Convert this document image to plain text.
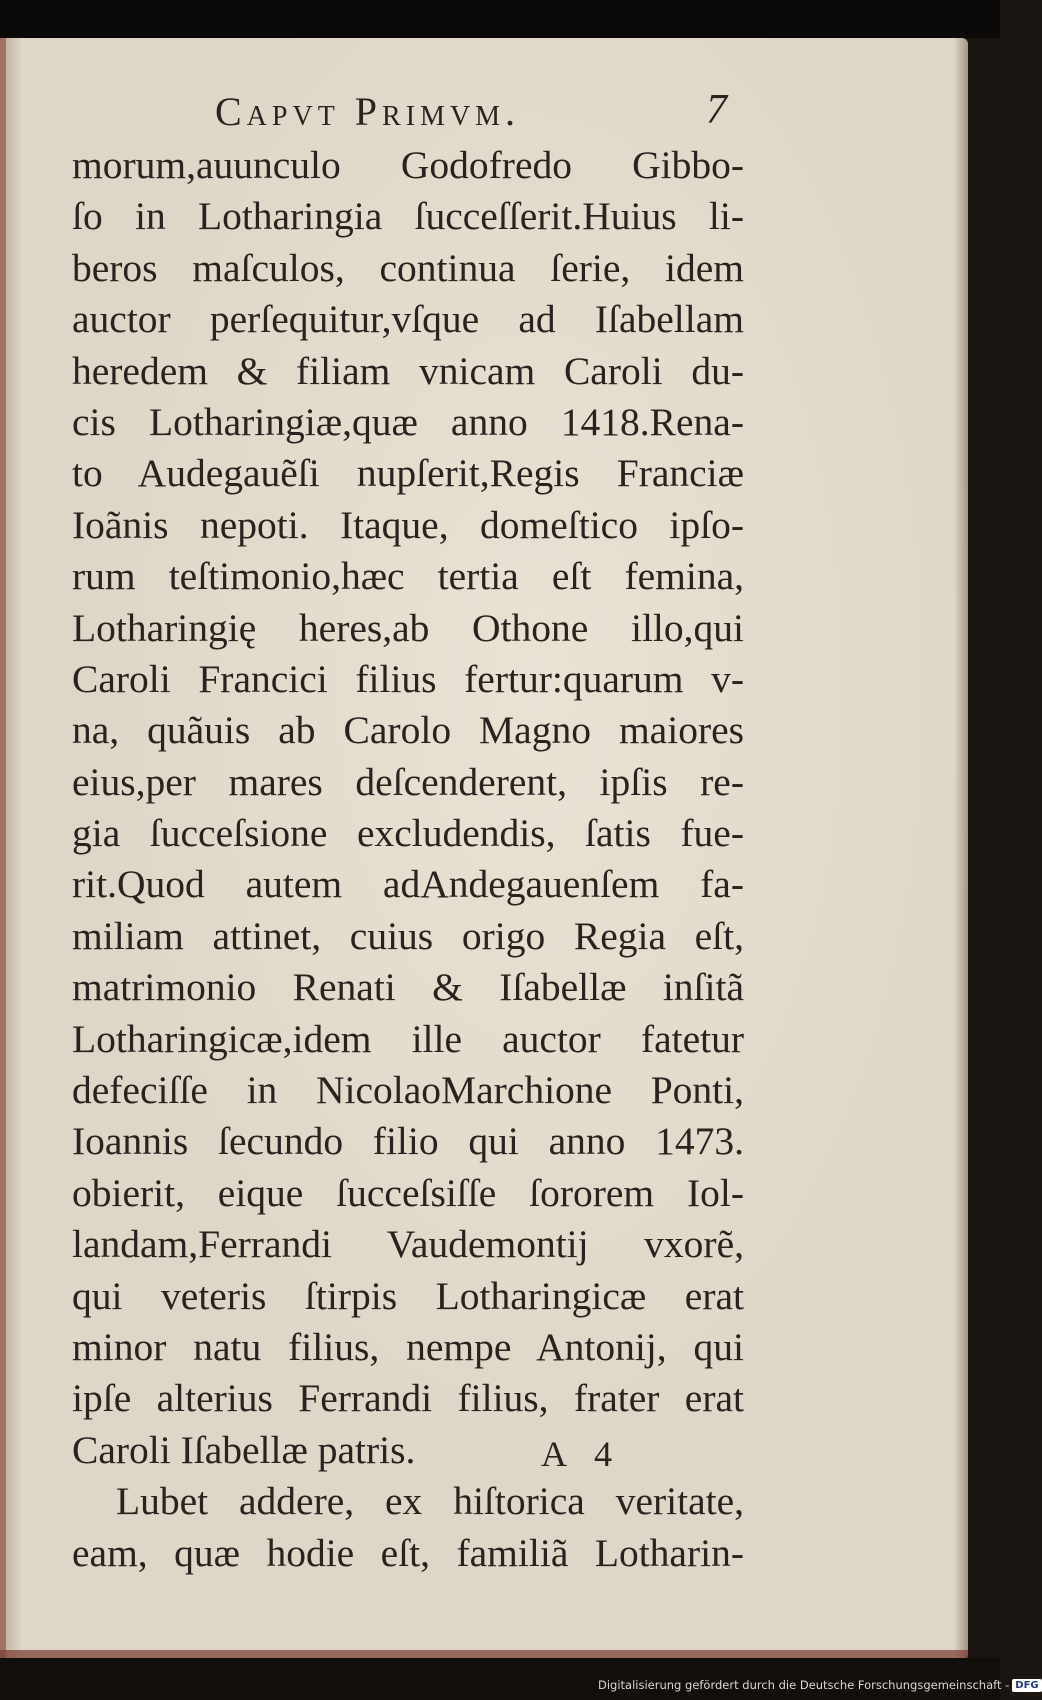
Capvt Primvm.	7
morum,auunculo Godofredo Gibbo-
ſo in Lotharingia ſucceſſerit.Huius li-
beros maſculos, continua ſerie, idem
auctor perſequitur,vſque ad Iſabellam
heredem & filiam vnicam Caroli du-
cis Lotharingiæ,quæ anno 1418.Rena-
to Audegauẽſi nupſerit,Regis Franciæ
Ioãnis nepoti. Itaque, domeſtico ipſo-
rum teſtimonio,hæc tertia eſt femina,
Lotharingię heres,ab Othone illo,qui
Caroli Francici filius fertur:quarum v-
na, quãuis ab Carolo Magno maiores
eius,per mares deſcenderent, ipſis re-
gia ſucceſsione excludendis, ſatis fue-
rit.Quod autem adAndegauenſem fa-
miliam attinet, cuius origo Regia eſt,
matrimonio Renati & Iſabellæ inſitã
Lotharingicæ,idem ille auctor fatetur
defeciſſe in NicolaoMarchione Ponti,
Ioannis ſecundo filio qui anno 1473.
obierit, eique ſucceſsiſſe ſororem Iol-
landam,Ferrandi Vaudemontij vxorẽ,
qui veteris ſtirpis Lotharingicæ erat
minor natu filius, nempe Antonij, qui
ipſe alterius Ferrandi filius, frater erat
Caroli Iſabellæ patris.
Lubet addere, ex hiſtorica veritate,
eam, quæ hodie eſt, familiã Lotharin-
A 4
Digitalisierung gefördert durch die Deutsche Forschungsgemeinschaft - DFG
